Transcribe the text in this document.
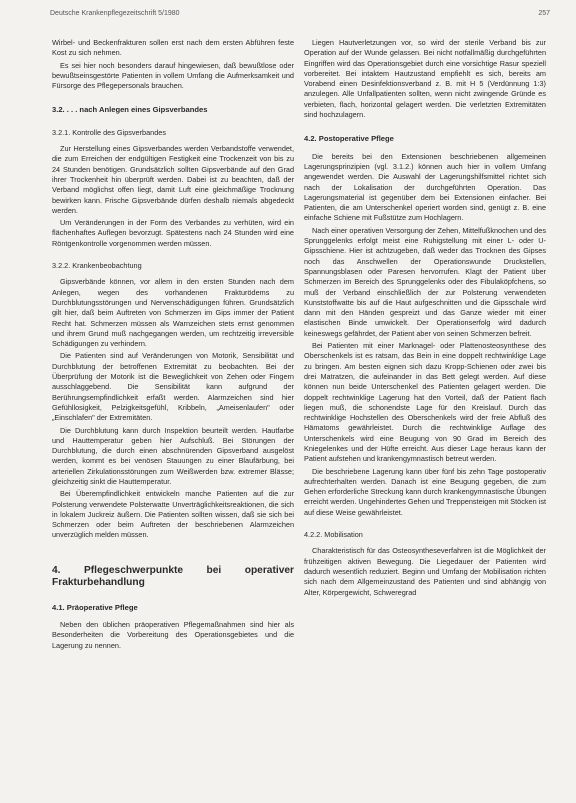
Deutsche Krankenpflegezeitschrift 5/1980	257

Wirbel- und Beckenfrakturen sollen erst nach dem ersten Abführen feste Kost zu sich nehmen.

Es sei hier noch besonders darauf hingewiesen, daß bewußtlose oder bewußtseinsgestörte Patienten in vollem Umfang die Aufmerksamkeit und Fürsorge des Pflegepersonals brauchen.

3.2. . . . nach Anlegen eines Gipsverbandes
3.2.1. Kontrolle des Gipsverbandes

Zur Herstellung eines Gipsverbandes werden Verbandstoffe verwendet, die zum Erreichen der endgültigen Festigkeit eine Trockenzeit von bis zu 24 Stunden benötigen. Grundsätzlich sollten Gipsverbände auf den Grad ihrer Trockenheit hin überprüft werden. Dabei ist zu beachten, daß der Verband möglichst offen liegt, damit Luft eine gleichmäßige Trocknung bewirken kann. Frische Gipsverbände dürfen deshalb niemals abgedeckt werden.

Um Veränderungen in der Form des Verbandes zu verhüten, wird ein flächenhaftes Auflegen bevorzugt. Spätestens nach 24 Stunden wird eine Röntgenkontrolle vorgenommen werden müssen.

3.2.2. Krankenbeobachtung

Gipsverbände können, vor allem in den ersten Stunden nach dem Anlegen, wegen des vorhandenen Frakturödems zu Durchblutungsstörungen und Nervenschädigungen führen. Grundsätzlich gilt hier, daß beim Auftreten von Schmerzen im Gips immer der Patient Recht hat. Schmerzen müssen als Warnzeichen stets ernst genommen und ihrem Grund muß nachgegangen werden, um rechtzeitig irreversible Schädigungen zu verhindern.

Die Patienten sind auf Veränderungen von Motorik, Sensibilität und Durchblutung der betroffenen Extremität zu beobachten. Bei der Überprüfung der Motorik ist die Beweglichkeit von Zehen oder Fingern ausschlaggebend. Die Sensibilität kann aufgrund der Berührungsempfindlichkeit erfaßt werden. Alarmzeichen sind hier Gefühllosigkeit, Pelzigkeitsgefühl, Kribbeln, „Ameisenlaufen" oder „Einschlafen" der Extremitäten.

Die Durchblutung kann durch Inspektion beurteilt werden. Hautfarbe und Hauttemperatur geben hier Aufschluß. Bei Störungen der Durchblutung, die durch einen abschnürenden Gipsverband ausgelöst werden, kommt es bei venösen Stauungen zu einer Blaufärbung, bei arteriellen Zirkulationsstörungen zum Weißwerden bzw. extremer Blässe; gleichzeitig sinkt die Hauttemperatur.

Bei Überempfindlichkeit entwickeln manche Patienten auf die zur Polsterung verwendete Polsterwatte Unverträglichkeitsreaktionen, die sich in lokalem Juckreiz äußern. Die Patienten sollten wissen, daß sie sich bei Schmerzen oder beim Auftreten der beschriebenen Alarmzeichen unverzüglich melden müssen.

4. Pflegeschwerpunkte bei operativer Frakturbehandlung
4.1. Präoperative Pflege

Neben den üblichen präoperativen Pflegemaßnahmen sind hier als Besonderheiten die Vorbereitung des Operationsgebietes und die Lagerung zu nennen.

Liegen Hautverletzungen vor, so wird der sterile Verband bis zur Operation auf der Wunde gelassen. Bei nicht notfallmäßig durchgeführten Eingriffen wird das Operationsgebiet durch eine vorsichtige Rasur speziell vorbereitet. Bei intaktem Hautzustand empfiehlt es sich, bereits am Vorabend einen Desinfektionsverband z. B. mit H 5 (Verdünnung 1:3) anzulegen. Alle Unfallpatienten sollten, wenn nicht zwingende Gründe es verbieten, flach, horizontal gelagert werden. Die verletzten Extremitäten sind hochzulagern.

4.2. Postoperative Pflege

Die bereits bei den Extensionen beschriebenen allgemeinen Lagerungsprinzipien (vgl. 3.1.2.) können auch hier in vollem Umfang angewendet werden. Die Auswahl der Lagerungshilfsmittel richtet sich nach der Lokalisation der durchgeführten Operation. Das Lagerungsmaterial ist gegenüber dem bei Extensionen einfacher. Bei Patienten, die am Unterschenkel operiert worden sind, genügt z. B. eine einfache Schiene mit Fußstütze zum Hochlagern.

Nach einer operativen Versorgung der Zehen, Mittelfußknochen und des Sprunggelenks erfolgt meist eine Ruhigstellung mit einer L- oder U-Gipsschiene. Hier ist achtzugeben, daß weder das Trocknen des Gipses noch das Anschwellen der Operationswunde Druckstellen, Spannungsblasen oder Paresen hervorrufen. Klagt der Patient über Schmerzen im Bereich des Sprunggelenks oder des Fibulaköpfchens, so muß der Verband einschließlich der zur Polsterung verwendeten Kunststoffwatte bis auf die Haut aufgeschnitten und die Gipsschale wird dann mit den Händen gespreizt und das Ganze wieder mit einer elastischen Binde umwickelt. Der Operationserfolg wird dadurch keineswegs gefährdet, der Patient aber von seinen Schmerzen befreit.

Bei Patienten mit einer Marknagel- oder Plattenosteosynthese des Oberschenkels ist es ratsam, das Bein in eine doppelt rechtwinklige Lage zu bringen. Am besten eignen sich dazu Kropp-Schienen oder zwei bis drei Matratzen, die aufeinander in das Bett gelegt werden. Auf diese können nun beide Unterschenkel des Patienten gelagert werden. Die doppelt rechtwinklige Lagerung hat den Vorteil, daß der Patient flach liegen muß, die schonendste Lage für den Kreislauf. Durch das rechtwinklige Hochstellen des Oberschenkels wird der freie Abfluß des Hämatoms gewährleistet. Durch die rechtwinklige Auflage des Unterschenkels wird eine Beugung von 90 Grad im Bereich des Kniegelenkes und der Hüfte erreicht. Aus dieser Lage heraus kann der Patient aufstehen und krankengymnastisch betreut werden.

Die beschriebene Lagerung kann über fünf bis zehn Tage postoperativ aufrechterhalten werden. Danach ist eine Beugung gegeben, die zum Gehen erforderliche Streckung kann durch krankengymnastische Übungen erreicht werden. Ungehindertes Gehen und Treppensteigen mit Stöcken ist auf diese Weise gewährleistet.

4.2.2. Mobilisation

Charakteristisch für das Osteosyntheseverfahren ist die Möglichkeit der frühzeitigen aktiven Bewegung. Die Liegedauer der Patienten wird dadurch wesentlich reduziert. Beginn und Umfang der Mobilisation richten sich nach dem Allgemeinzustand des Patienten und sind abhängig von Alter, Körpergewicht, Schweregrad
